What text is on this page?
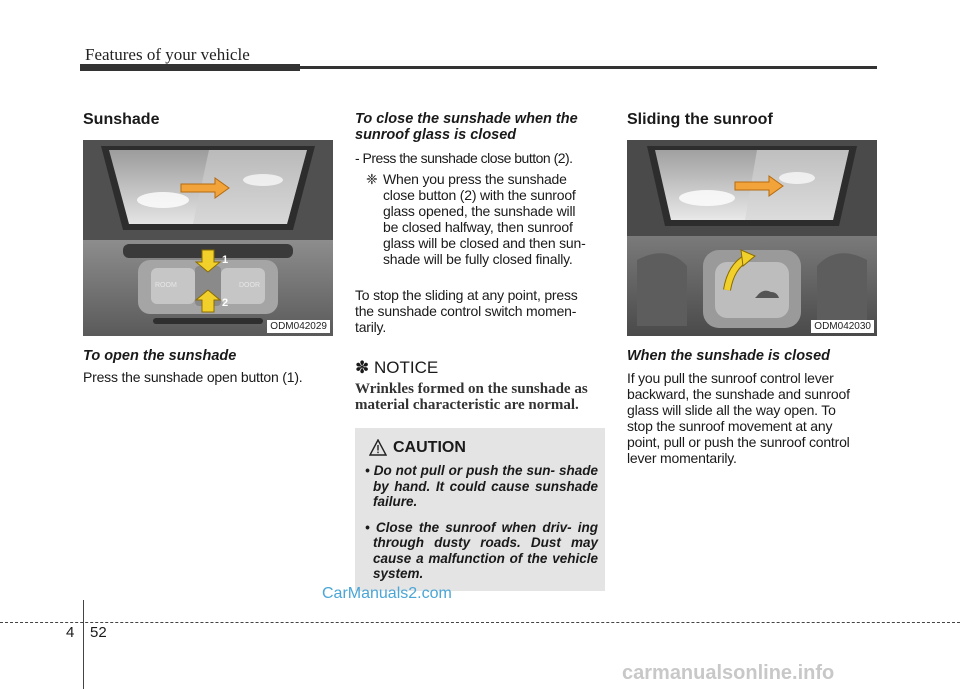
Features of your vehicle
Sunshade
ROOM	DOOR
1
2
ODM042029
To open the sunshade
Press the sunshade open button (1).
To close the sunshade when the
sunroof glass is closed
- Press the sunshade close button (2).
❈ When you press the sunshade
close button (2) with the sunroof
glass opened, the sunshade will
be closed halfway, then sunroof
glass will be closed and then sun-
shade will be fully closed finally.
To stop the sliding at any point, press
the sunshade control switch momen-
tarily.
✽ NOTICE
Wrinkles formed on the sunshade as
material characteristic are normal.
CAUTION
• Do not pull or push the sun- shade by hand. It could cause sunshade failure.
• Close the sunroof when driv- ing through dusty roads. Dust may cause a malfunction of the vehicle system.
Sliding the sunroof
ODM042030
When the sunshade is closed
If you pull the sunroof control lever
backward, the sunshade and sunroof
glass will slide all the way open. To
stop the sunroof movement at any
point, pull or push the sunroof control
lever momentarily.
CarManuals2.com
4 52
carmanualsonline.info
